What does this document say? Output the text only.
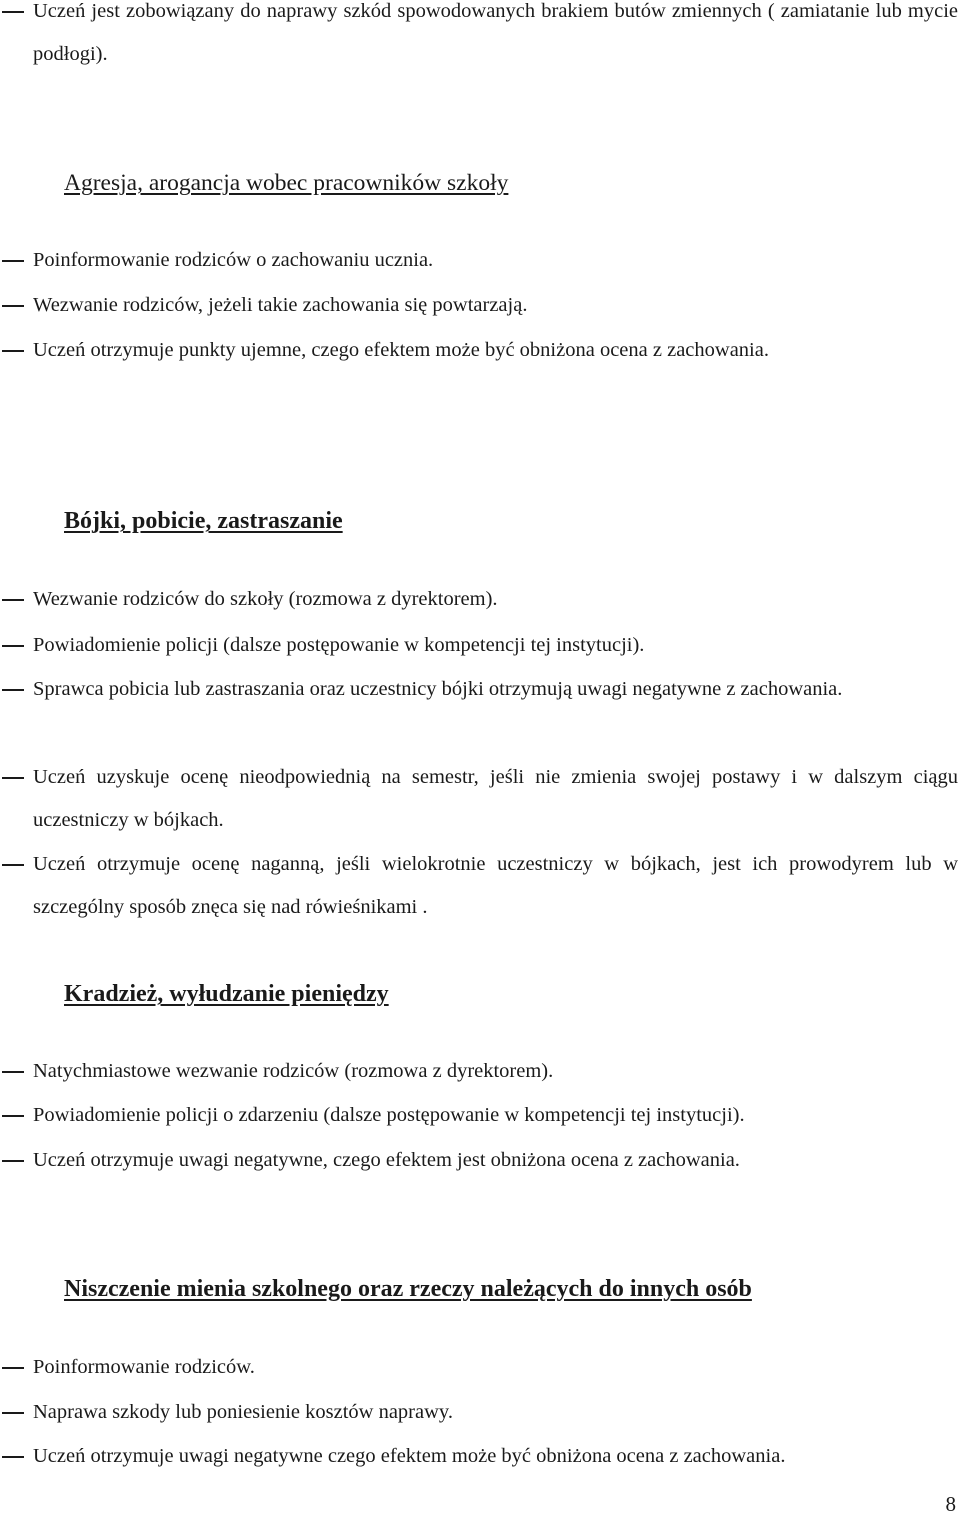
Uczeń jest zobowiązany do naprawy szkód spowodowanych brakiem butów zmiennych ( zamiatanie lub mycie podłogi).
Agresja, arogancja wobec pracowników szkoły
Poinformowanie rodziców o zachowaniu ucznia.
Wezwanie rodziców, jeżeli takie zachowania się powtarzają.
Uczeń otrzymuje punkty ujemne, czego efektem może być obniżona ocena z zachowania.
Bójki, pobicie, zastraszanie
Wezwanie rodziców do szkoły (rozmowa z dyrektorem).
Powiadomienie policji (dalsze postępowanie w kompetencji tej instytucji).
Sprawca pobicia lub zastraszania oraz uczestnicy bójki otrzymują uwagi negatywne z zachowania.
Uczeń uzyskuje ocenę nieodpowiednią na semestr, jeśli nie zmienia swojej postawy i w dalszym ciągu uczestniczy w bójkach.
Uczeń otrzymuje ocenę naganną, jeśli wielokrotnie uczestniczy w bójkach, jest ich prowodyrem lub w szczególny sposób znęca się nad rówieśnikami .
Kradzież, wyłudzanie pieniędzy
Natychmiastowe wezwanie rodziców (rozmowa z dyrektorem).
Powiadomienie policji o zdarzeniu (dalsze postępowanie w kompetencji tej instytucji).
Uczeń otrzymuje uwagi negatywne, czego efektem jest obniżona ocena z zachowania.
Niszczenie mienia szkolnego oraz rzeczy należących do innych osób
Poinformowanie rodziców.
Naprawa szkody lub poniesienie kosztów naprawy.
Uczeń otrzymuje uwagi negatywne czego efektem może być obniżona ocena z zachowania.
8
